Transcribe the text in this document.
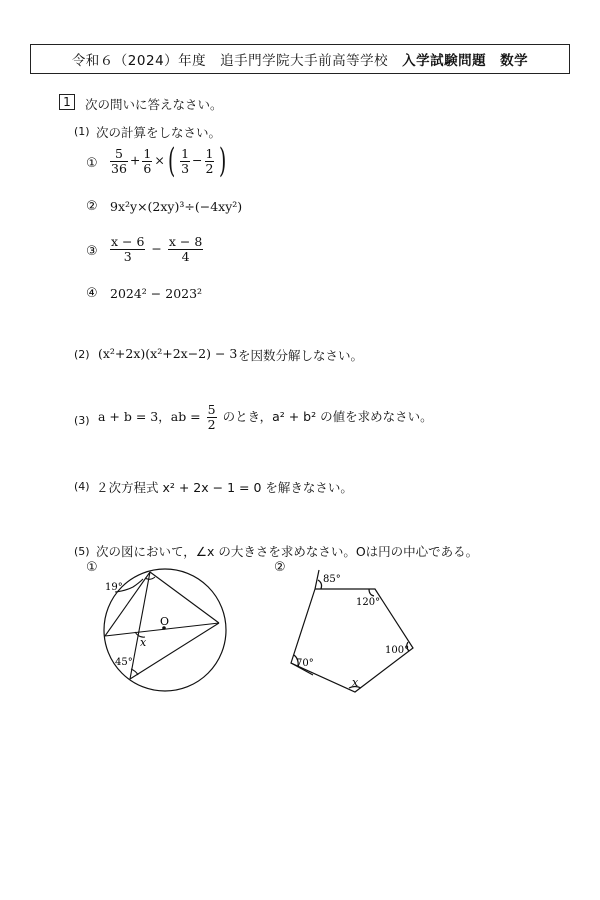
令和６（2024）年度 追手門学院大手前高等学校 入学試験問題 数学
1	次の問いに答えなさい。
(1) 次の計算をしなさい。
① $\frac{5}{36} + \frac{1}{6}$ ×( $\frac{1}{3} - \frac{1}{2}$ )
② 9x²y×(2xy)³÷(−4xy²)
③ $\frac{x - 6}{3} - \frac{x - 8}{4}$
④ 2024² − 2023²
(2) (x²+2x)(x²+2x−2) − 3 を因数分解しなさい。
(3) a + b = 3，ab = $\frac{5}{2}$ のとき，a² + b² の値を求めなさい。
(4) ２次方程式 x² + 2x − 1 = 0 を解きなさい。
(5) 次の図において，∠x の大きさを求めなさい。Oは円の中心である。
①	②
19°
45°
O
x
85°
120°
100°
70°
x
